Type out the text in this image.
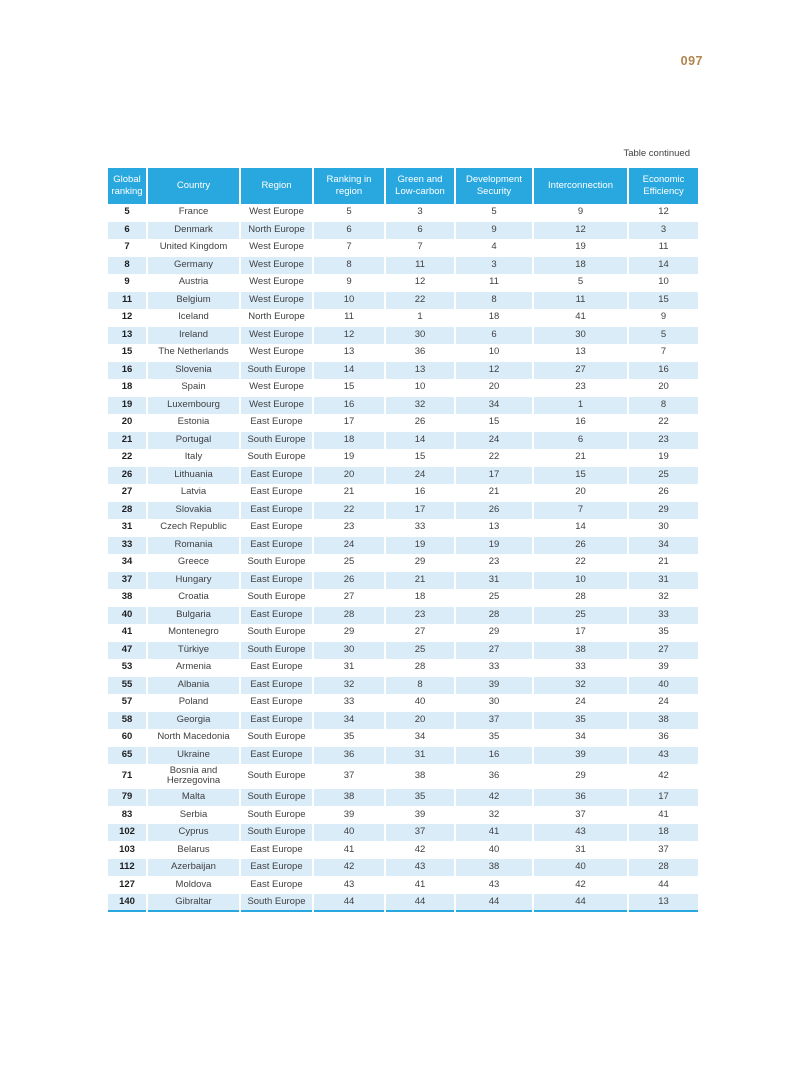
097
Table continued
Global ranking	Country	Region	Ranking in region	Green and Low-carbon	Development Security	Interconnection	Economic Efficiency
5	France	West Europe	5	3	5	9	12
6	Denmark	North Europe	6	6	9	12	3
7	United Kingdom	West Europe	7	7	4	19	11
8	Germany	West Europe	8	11	3	18	14
9	Austria	West Europe	9	12	11	5	10
11	Belgium	West Europe	10	22	8	11	15
12	Iceland	North Europe	11	1	18	41	9
13	Ireland	West Europe	12	30	6	30	5
15	The Netherlands	West Europe	13	36	10	13	7
16	Slovenia	South Europe	14	13	12	27	16
18	Spain	West Europe	15	10	20	23	20
19	Luxembourg	West Europe	16	32	34	1	8
20	Estonia	East Europe	17	26	15	16	22
21	Portugal	South Europe	18	14	24	6	23
22	Italy	South Europe	19	15	22	21	19
26	Lithuania	East Europe	20	24	17	15	25
27	Latvia	East Europe	21	16	21	20	26
28	Slovakia	East Europe	22	17	26	7	29
31	Czech Republic	East Europe	23	33	13	14	30
33	Romania	East Europe	24	19	19	26	34
34	Greece	South Europe	25	29	23	22	21
37	Hungary	East Europe	26	21	31	10	31
38	Croatia	South Europe	27	18	25	28	32
40	Bulgaria	East Europe	28	23	28	25	33
41	Montenegro	South Europe	29	27	29	17	35
47	Türkiye	South Europe	30	25	27	38	27
53	Armenia	East Europe	31	28	33	33	39
55	Albania	East Europe	32	8	39	32	40
57	Poland	East Europe	33	40	30	24	24
58	Georgia	East Europe	34	20	37	35	38
60	North Macedonia	South Europe	35	34	35	34	36
65	Ukraine	East Europe	36	31	16	39	43
71	Bosnia and Herzegovina	South Europe	37	38	36	29	42
79	Malta	South Europe	38	35	42	36	17
83	Serbia	South Europe	39	39	32	37	41
102	Cyprus	South Europe	40	37	41	43	18
103	Belarus	East Europe	41	42	40	31	37
112	Azerbaijan	East Europe	42	43	38	40	28
127	Moldova	East Europe	43	41	43	42	44
140	Gibraltar	South Europe	44	44	44	44	13
